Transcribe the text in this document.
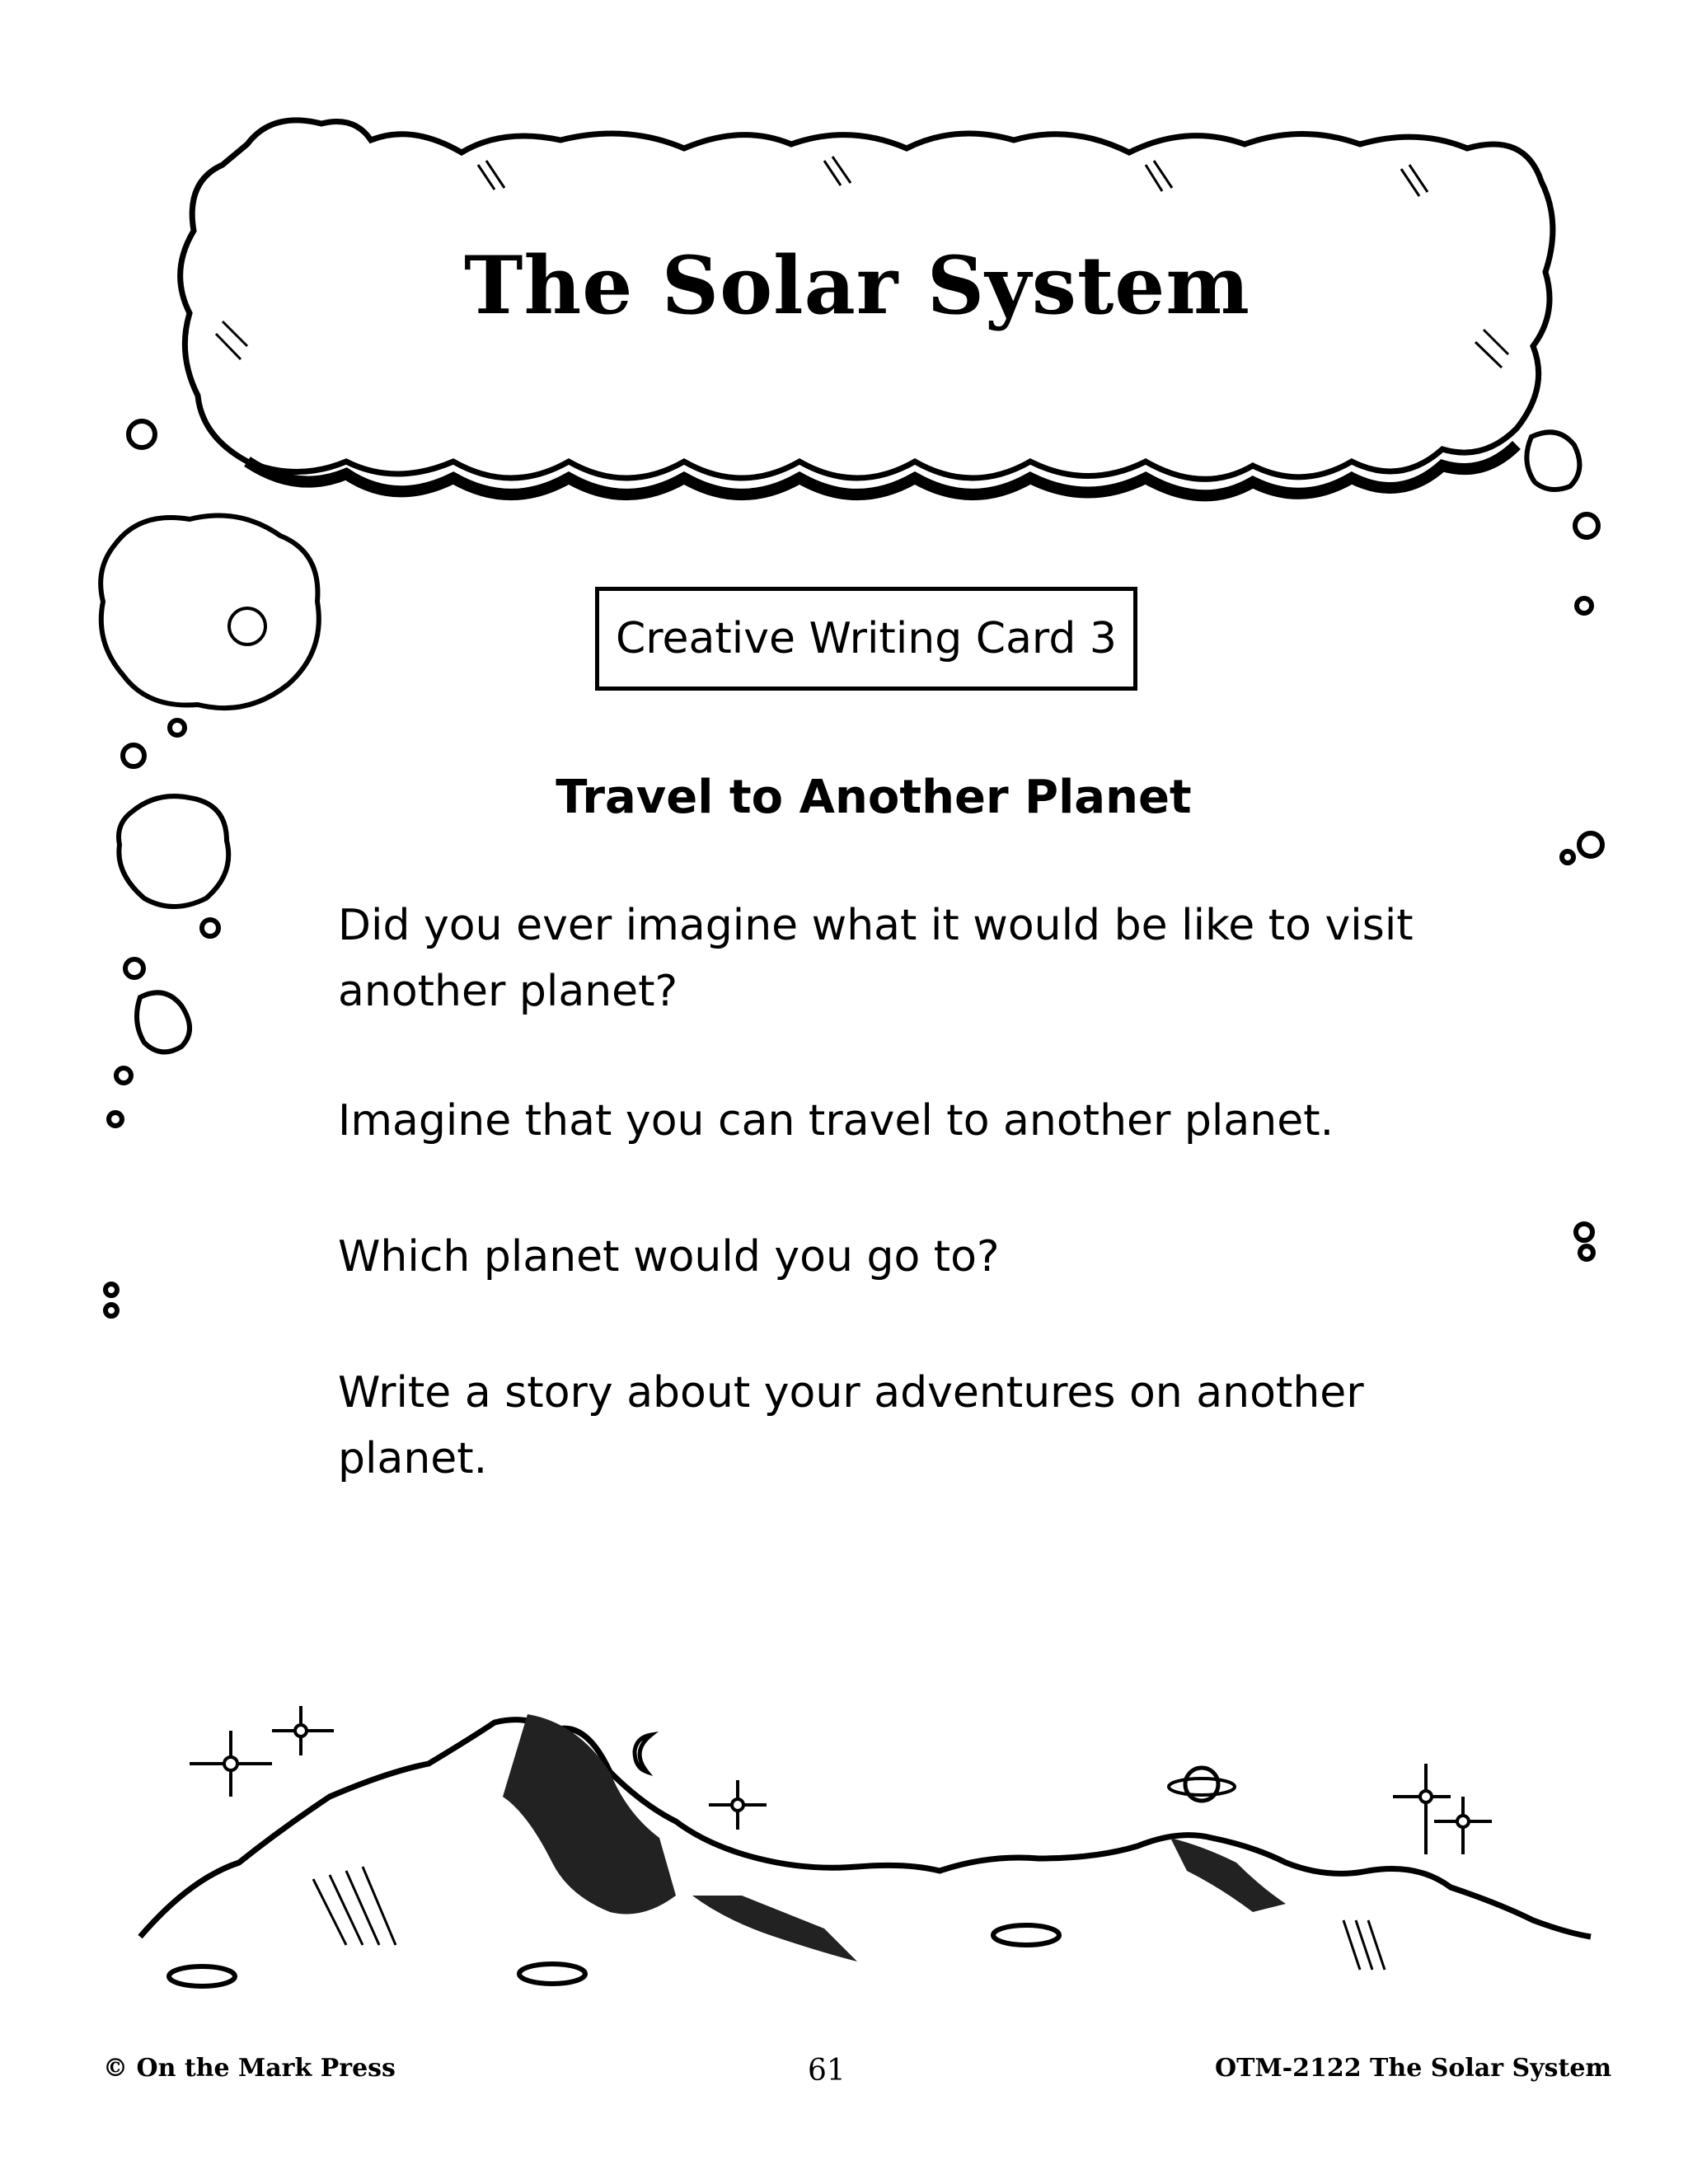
The Solar System
Creative Writing Card 3
Travel to Another Planet

Did you ever imagine what it would be like to visit another planet?

Imagine that you can travel to another planet.

Which planet would you go to?

Write a story about your adventures on another planet.

© On the Mark Press	61	OTM-2122 The Solar System
